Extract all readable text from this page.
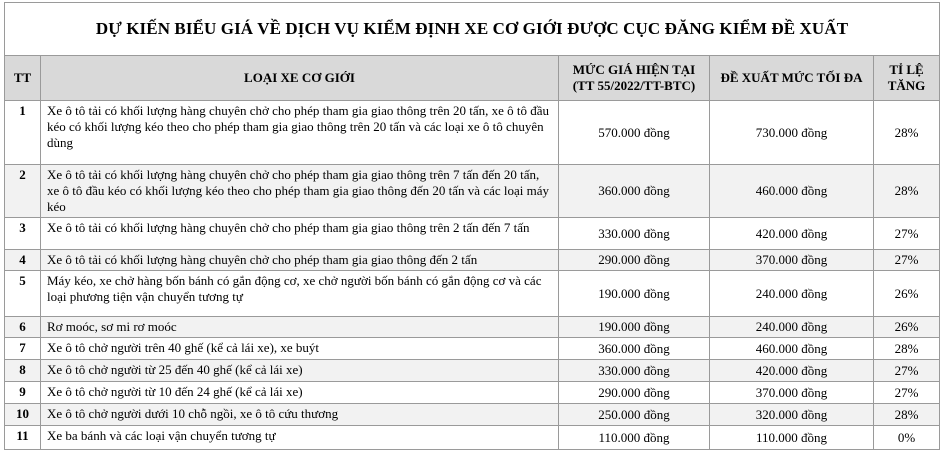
DỰ KIẾN BIỂU GIÁ VỀ DỊCH VỤ KIỂM ĐỊNH XE CƠ GIỚI ĐƯỢC CỤC ĐĂNG KIỂM ĐỀ XUẤT				
TT	LOẠI XE CƠ GIỚI	MỨC GIÁ HIỆN TẠI (TT 55/2022/TT-BTC)	ĐỀ XUẤT MỨC TỐI ĐA	TỈ LỆ TĂNG
1	Xe ô tô tải có khối lượng hàng chuyên chở cho phép tham gia giao thông trên 20 tấn, xe ô tô đầu kéo có khối lượng kéo theo cho phép tham gia giao thông trên 20 tấn và các loại xe ô tô chuyên dùng	570.000 đồng	730.000 đồng	28%
2	Xe ô tô tải có khối lượng hàng chuyên chở cho phép tham gia giao thông trên 7 tấn đến 20 tấn, xe ô tô đầu kéo có khối lượng kéo theo cho phép tham gia giao thông đến 20 tấn và các loại máy kéo	360.000 đồng	460.000 đồng	28%
3	Xe ô tô tải có khối lượng hàng chuyên chở cho phép tham gia giao thông trên 2 tấn đến 7 tấn	330.000 đồng	420.000 đồng	27%
4	Xe ô tô tải có khối lượng hàng chuyên chở cho phép tham gia giao thông đến 2 tấn	290.000 đồng	370.000 đồng	27%
5	Máy kéo, xe chở hàng bốn bánh có gắn động cơ, xe chở người bốn bánh có gắn động cơ và các loại phương tiện vận chuyển tương tự	190.000 đồng	240.000 đồng	26%
6	Rơ moóc, sơ mi rơ moóc	190.000 đồng	240.000 đồng	26%
7	Xe ô tô chở người trên 40 ghế (kể cả lái xe), xe buýt	360.000 đồng	460.000 đồng	28%
8	Xe ô tô chở người từ 25 đến 40 ghế (kể cả lái xe)	330.000 đồng	420.000 đồng	27%
9	Xe ô tô chở người từ 10 đến 24 ghế (kể cả lái xe)	290.000 đồng	370.000 đồng	27%
10	Xe ô tô chở người dưới 10 chỗ ngồi, xe ô tô cứu thương	250.000 đồng	320.000 đồng	28%
11	Xe ba bánh và các loại vận chuyển tương tự	110.000 đồng	110.000 đồng	0%
